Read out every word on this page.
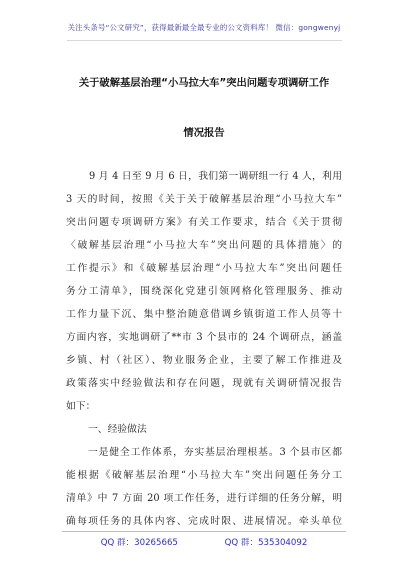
关注头条号“公文研究”，获得最新最全最专业的公文资料库！ 微信：gongwenyj
关于破解基层治理“小马拉大车”突出问题专项调研工作
情况报告
9 月 4 日至 9 月 6 日，我们第一调研组一行 4 人，利用
3 天的时间，按照《关于关于破解基层治理“小马拉大车”
突出问题专项调研方案》有关工作要求，结合《关于贯彻
〈破解基层治理“小马拉大车”突出问题的具体措施〉的
工作提示》和《破解基层治理“小马拉大车”突出问题任
务分工清单》，围绕深化党建引领网格化管理服务、推动
工作力量下沉、集中整治随意借调乡镇街道工作人员等十
方面内容，实地调研了**市 3 个县市的 24 个调研点，涵盖
乡镇、村（社区）、物业服务企业，主要了解工作推进及
政策落实中经验做法和存在问题，现就有关调研情况报告
如下：
一、经验做法
一是健全工作体系，夯实基层治理根基。3 个县市区都
能根据《破解基层治理“小马拉大车”突出问题任务分工
清单》中 7 方面 20 项工作任务，进行详细的任务分解，明
确每项任务的具体内容、完成时限、进展情况。牵头单位
QQ 群：30265665	QQ 群：535304092
